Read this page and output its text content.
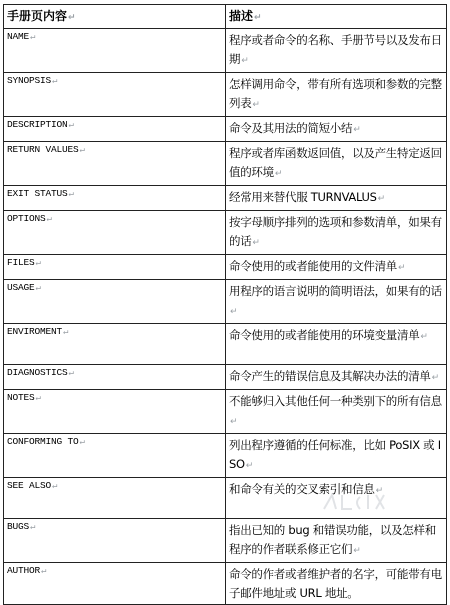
手册页内容↵	描述↵
NAME↵	程序或者命令的名称、手册节号以及发布日期↵
SYNOPSIS↵	怎样调用命令，带有所有选项和参数的完整列表↵
DESCRIPTION↵	命令及其用法的简短小结↵
RETURN VALUES↵	程序或者库函数返回值，以及产生特定返回值的环境↵
EXIT STATUS↵	经常用来替代服 TURNVALUS↵
OPTIONS↵	按字母顺序排列的选项和参数清单，如果有的话↵
FILES↵	命令使用的或者能使用的文件清单↵
USAGE↵	用程序的语言说明的简明语法，如果有的话↵
ENVIROMENT↵	命令使用的或者能使用的环境变量清单↵
DIAGNOSTICS↵	命令产生的错误信息及其解决办法的清单↵
NOTES↵	不能够归入其他任何一种类别下的所有信息↵
CONFORMING TO↵	列出程序遵循的任何标准，比如 PoSIX 或 ISO↵
SEE ALSO↵	和命令有关的交叉索引和信息↵
BUGS↵	指出已知的 bug 和错误功能，以及怎样和程序的作者联系修正它们↵
AUTHOR↵	命令的作者或者维护者的名字，可能带有电子邮件地址或 URL 地址。
